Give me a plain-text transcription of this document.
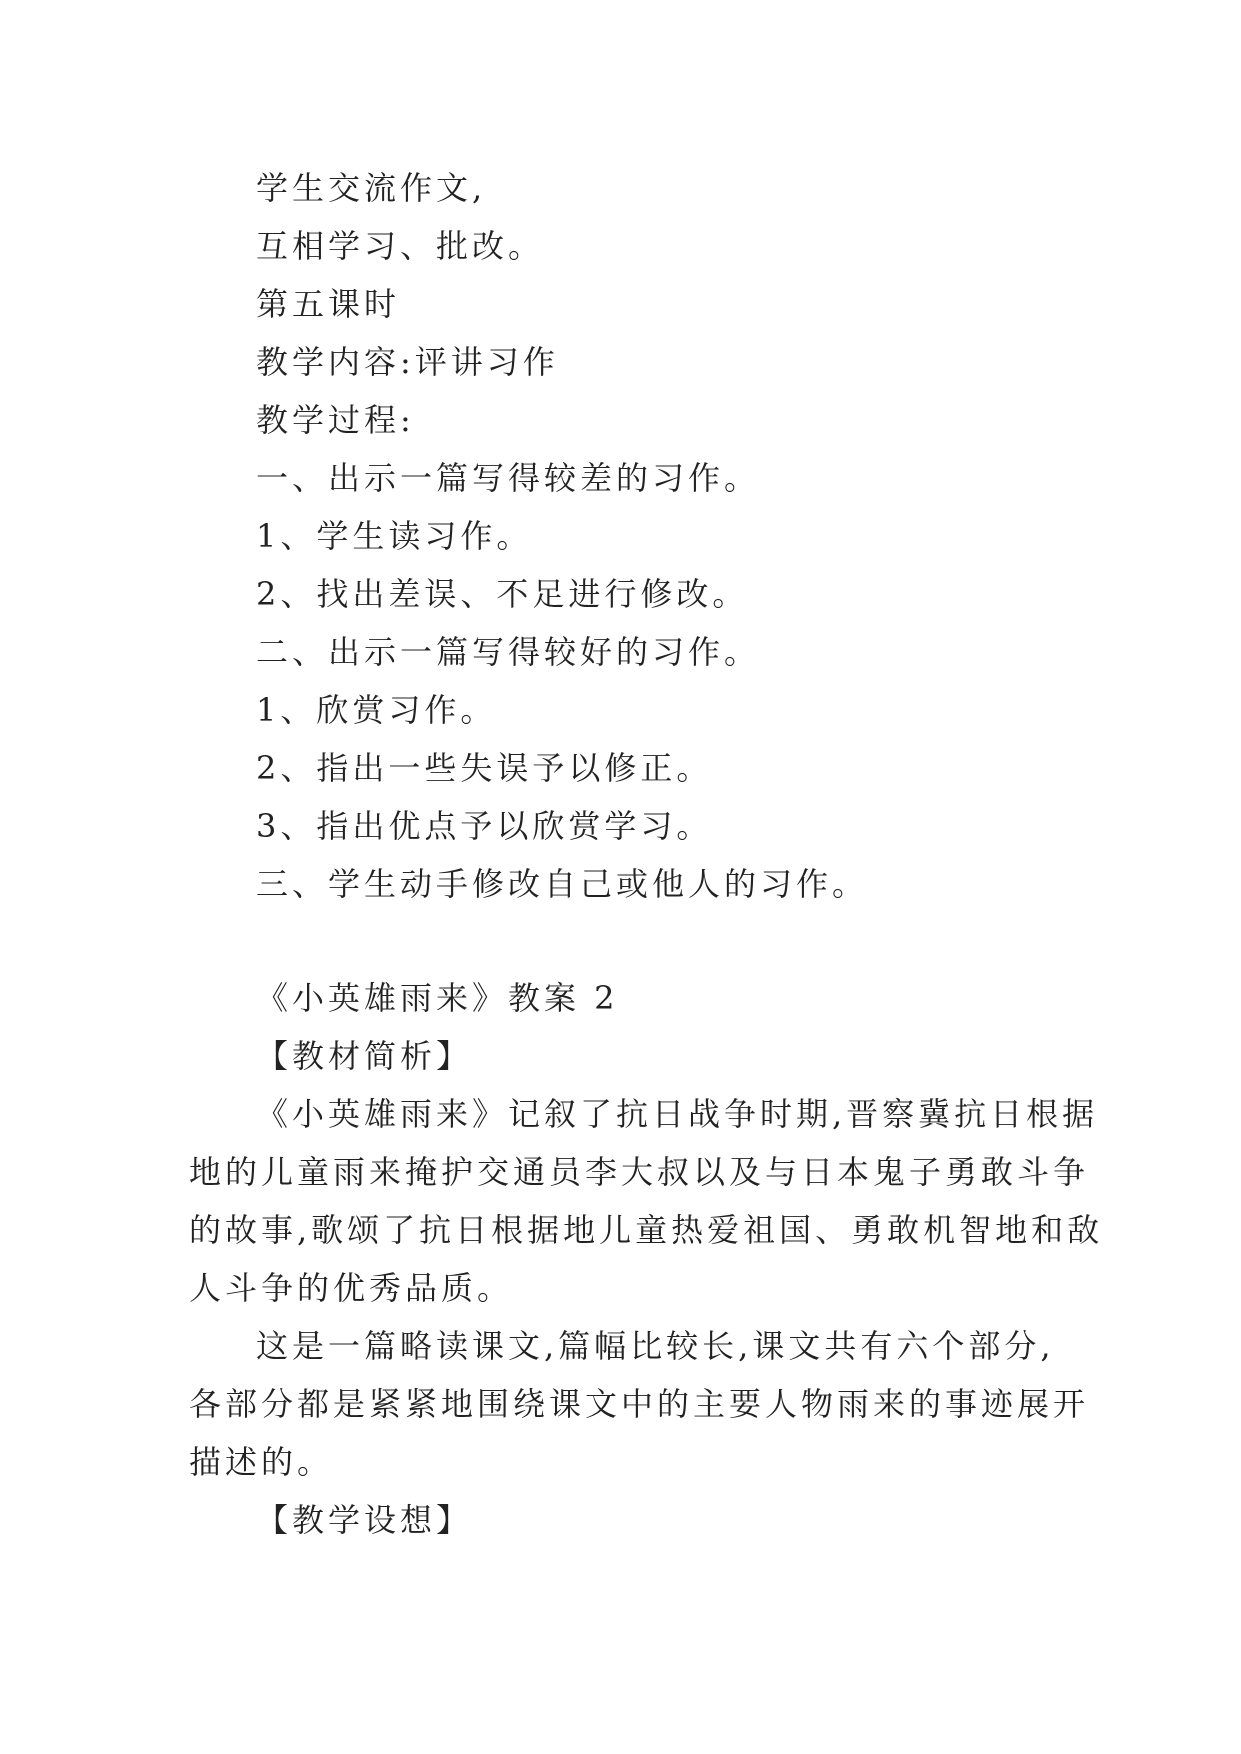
学生交流作文,
互相学习、批改。
第五课时
教学内容:评讲习作
教学过程:
一、出示一篇写得较差的习作。
1、学生读习作。
2、找出差误、不足进行修改。
二、出示一篇写得较好的习作。
1、欣赏习作。
2、指出一些失误予以修正。
3、指出优点予以欣赏学习。
三、学生动手修改自己或他人的习作。
《小英雄雨来》教案 2
【教材简析】
《小英雄雨来》记叙了抗日战争时期,晋察冀抗日根据
地的儿童雨来掩护交通员李大叔以及与日本鬼子勇敢斗争
的故事,歌颂了抗日根据地儿童热爱祖国、勇敢机智地和敌
人斗争的优秀品质。
这是一篇略读课文,篇幅比较长,课文共有六个部分,
各部分都是紧紧地围绕课文中的主要人物雨来的事迹展开
描述的。
【教学设想】
